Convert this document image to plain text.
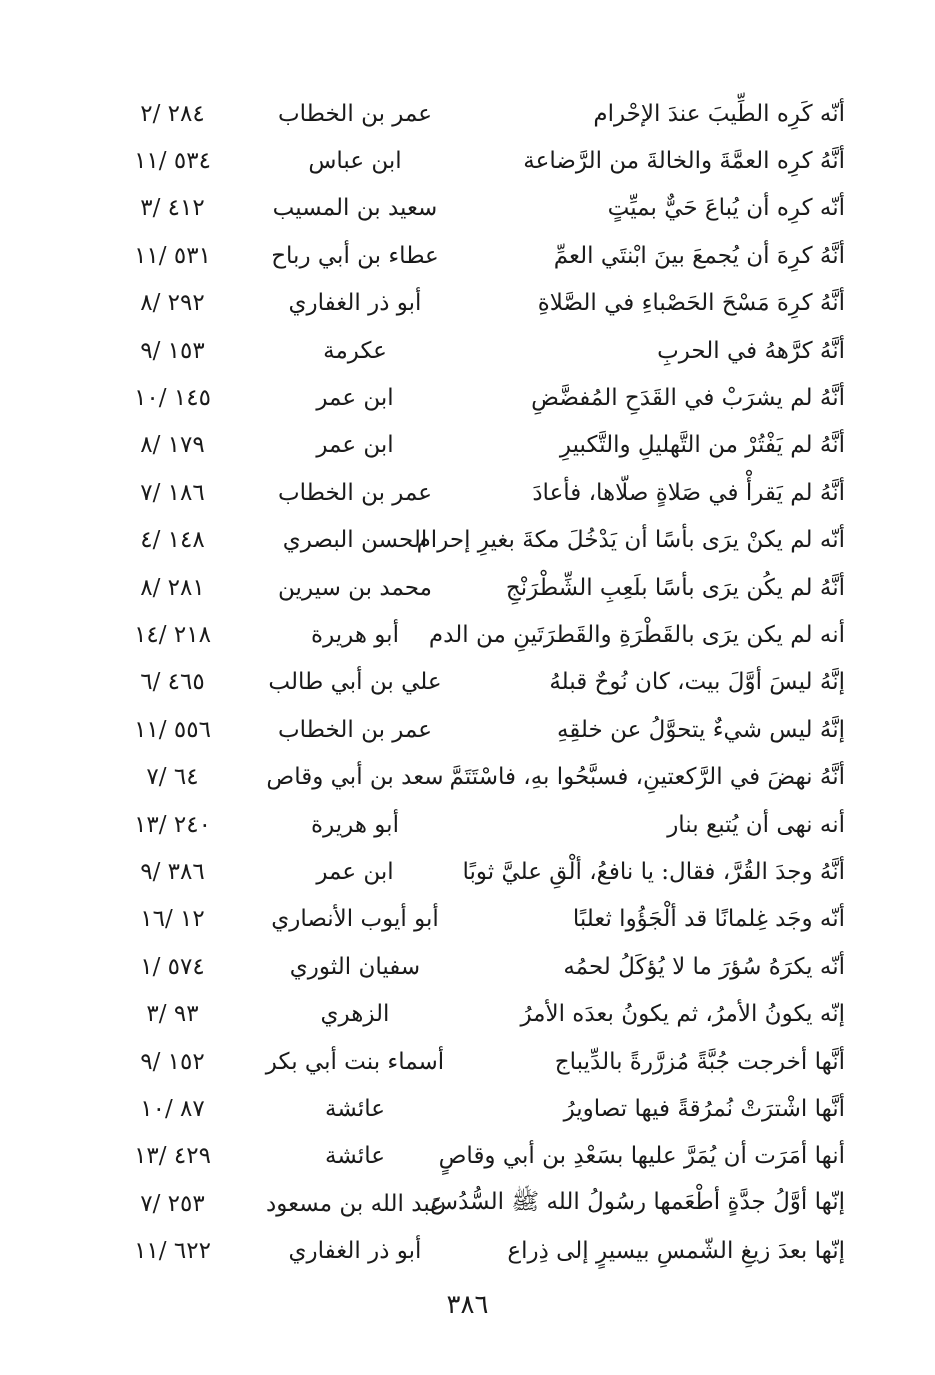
أنّه كَرِه الطِّيبَ عندَ الإحْرام
عمر بن الخطاب
٢٨٤ /٢
أنَّهُ كرِه العمَّةَ والخالةَ من الرَّضاعة
ابن عباس
٥٣٤ /١١
أنّه كرِه أن يُباعَ حَيٌّ بميِّتٍ
سعيد بن المسيب
٤١٢ /٣
أنَّهُ كرِهَ أن يُجمعَ بينَ ابْنتَي العمِّ
عطاء بن أبي رباح
٥٣١ /١١
أنَّهُ كرِهَ مَسْحَ الحَصْباءِ في الصَّلاةِ
أبو ذر الغفاري
٢٩٢ /٨
أنَّهُ كرَّههُ في الحربِ
عكرمة
١٥٣ /٩
أنَّهُ لم يشرَبْ في القَدَحِ المُفضَّضِ
ابن عمر
١٤٥ /١٠
أنَّهُ لم يَفْتُرْ من التَّهليلِ والتَّكبيرِ
ابن عمر
١٧٩ /٨
أنَّهُ لم يَقرأْ في صَلاةٍ صلّاها، فأعادَ
عمر بن الخطاب
١٨٦ /٧
أنّه لم يكنْ يرَى بأسًا أن يَدْخُلَ مكةَ بغيرِ إحرام
الحسن البصري
١٤٨ /٤
أنَّهُ لم يكُن يرَى بأسًا بلَعِبِ الشِّطْرَنْجِ
محمد بن سيرين
٢٨١ /٨
أنه لم يكن يرَى بالقَطْرَةِ والقَطرَتَينِ من الدم
أبو هريرة
٢١٨ /١٤
إنَّهُ ليسَ أوَّلَ بيت، كان نُوحٌ قبلهُ
علي بن أبي طالب
٤٦٥ /٦
إنَّهُ ليس شيءٌ يتحوَّلُ عن خلقِهِ
عمر بن الخطاب
٥٥٦ /١١
أنَّهُ نهضَ في الرَّكعتينِ، فسبَّحُوا بهِ، فاسْتَتَمَّ
سعد بن أبي وقاص
٦٤ /٧
أنه نهى أن يُتبع بنار
أبو هريرة
٢٤٠ /١٣
أنَّهُ وجدَ القُرَّ، فقال: يا نافعُ، ألْقِ عليَّ ثوبًا
ابن عمر
٣٨٦ /٩
أنّه وجَد غِلمانًا قد ألْجَؤُوا ثعلبًا
أبو أيوب الأنصاري
١٢ /١٦
أنّه يكرَهُ سُؤرَ ما لا يُؤكَلُ لحمُه
سفيان الثوري
٥٧٤ /١
إنّه يكونُ الأمرُ، ثم يكونُ بعدَه الأمرُ
الزهري
٩٣ /٣
أنَّها أخرجت جُبَّةً مُزرَّرةً بالدِّيباج
أسماء بنت أبي بكر
١٥٢ /٩
أنَّها اشْترَتْ نُمرُقةً فيها تصاويرُ
عائشة
٨٧ /١٠
أنها أمَرَت أن يُمَرَّ عليها بسَعْدِ بن أبي وقاصٍ
عائشة
٤٢٩ /١٣
إنّها أوَّلُ جدَّةٍ أطْعَمها رسُولُ الله ﷺ السُّدُسَ
عبد الله بن مسعود
٢٥٣ /٧
إنّها بعدَ زيغِ الشّمسِ بيسيرٍ إلى ذِراع
أبو ذر الغفاري
٦٢٢ /١١
٣٨٦
